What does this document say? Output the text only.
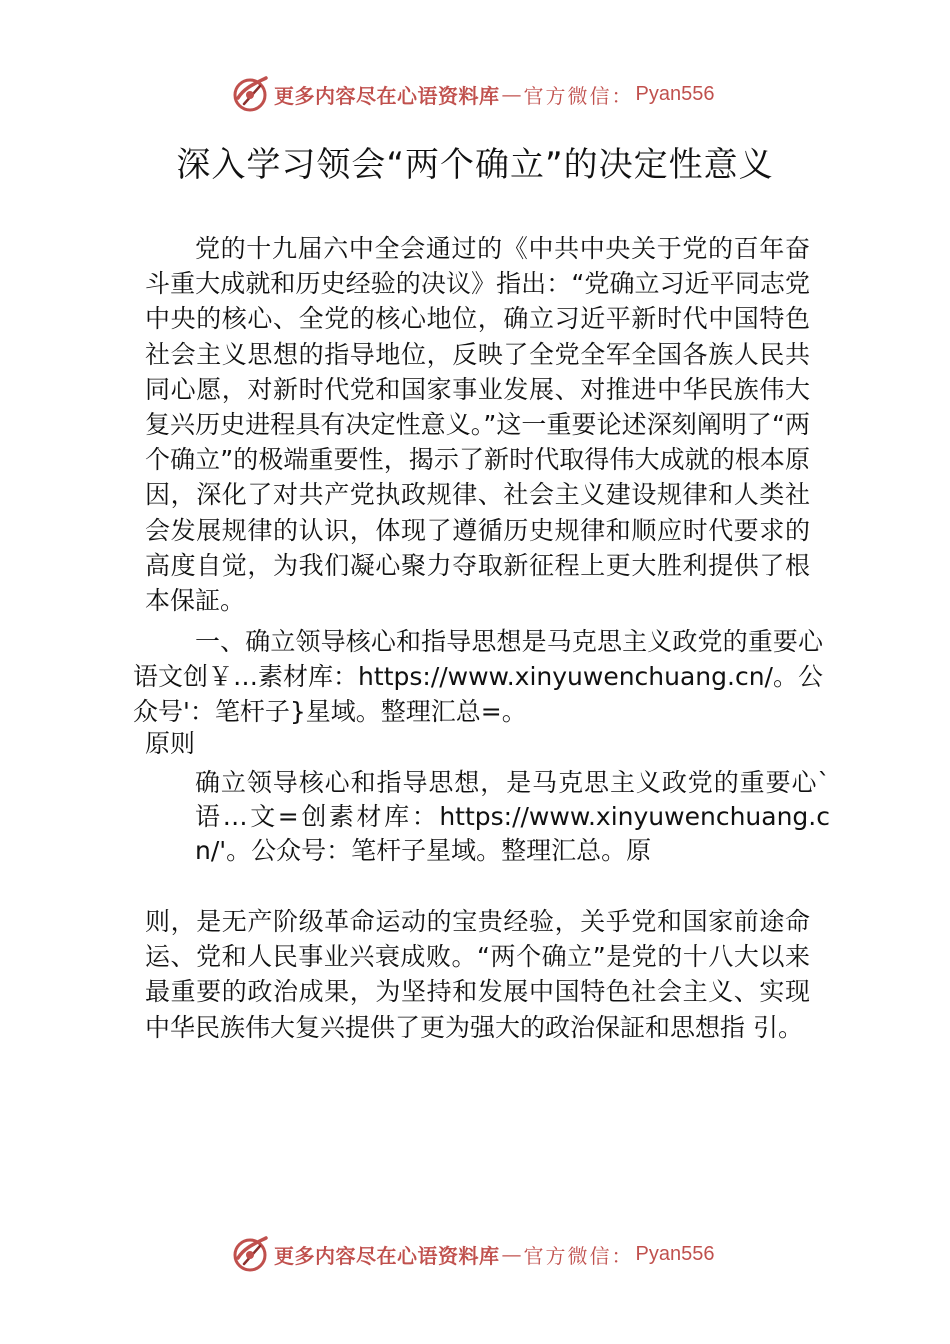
更多内容尽在心语资料库 — 官方微信： Pyan556
深入学习领会“两个确立”的决定性意义

党的十九届六中全会通过的《中共中央关于党的百年奋斗重大成就和历史经验的决议》指出：“党确立习近平同志党中央的核心、全党的核心地位，确立习近平新时代中国特色社会主义思想的指导地位，反映了全党全军全国各族人民共同心愿，对新时代党和国家事业发展、对推进中华民族伟大复兴历史进程具有决定性意义。”这一重要论述深刻阐明了“两个确立”的极端重要性，揭示了新时代取得伟大成就的根本原因，深化了对共产党执政规律、社会主义建设规律和人类社会发展规律的认识，体现了遵循历史规律和顺应时代要求的高度自觉，为我们凝心聚力夺取新征程上更大胜利提供了根本保証。

一、确立领导核心和指导思想是马克思主义政党的重要心语文创￥…素材库：https://www.xinyuwenchuang.cn/。公众号'：笔杆子}星域。整理汇总=。

原则

确立领导核心和指导思想，是马克思主义政党的重要心`语…文=创素材库：https://www.xinyuwenchuang.cn/'。公众号：笔杆子星域。整理汇总。原

则，是无产阶级革命运动的宝贵经验，关乎党和国家前途命运、党和人民事业兴衰成败。“两个确立”是党的十八大以来最重要的政治成果，为坚持和发展中国特色社会主义、实现中华民族伟大复兴提供了更为强大的政治保証和思想指 引。

更多内容尽在心语资料库 — 官方微信： Pyan556
